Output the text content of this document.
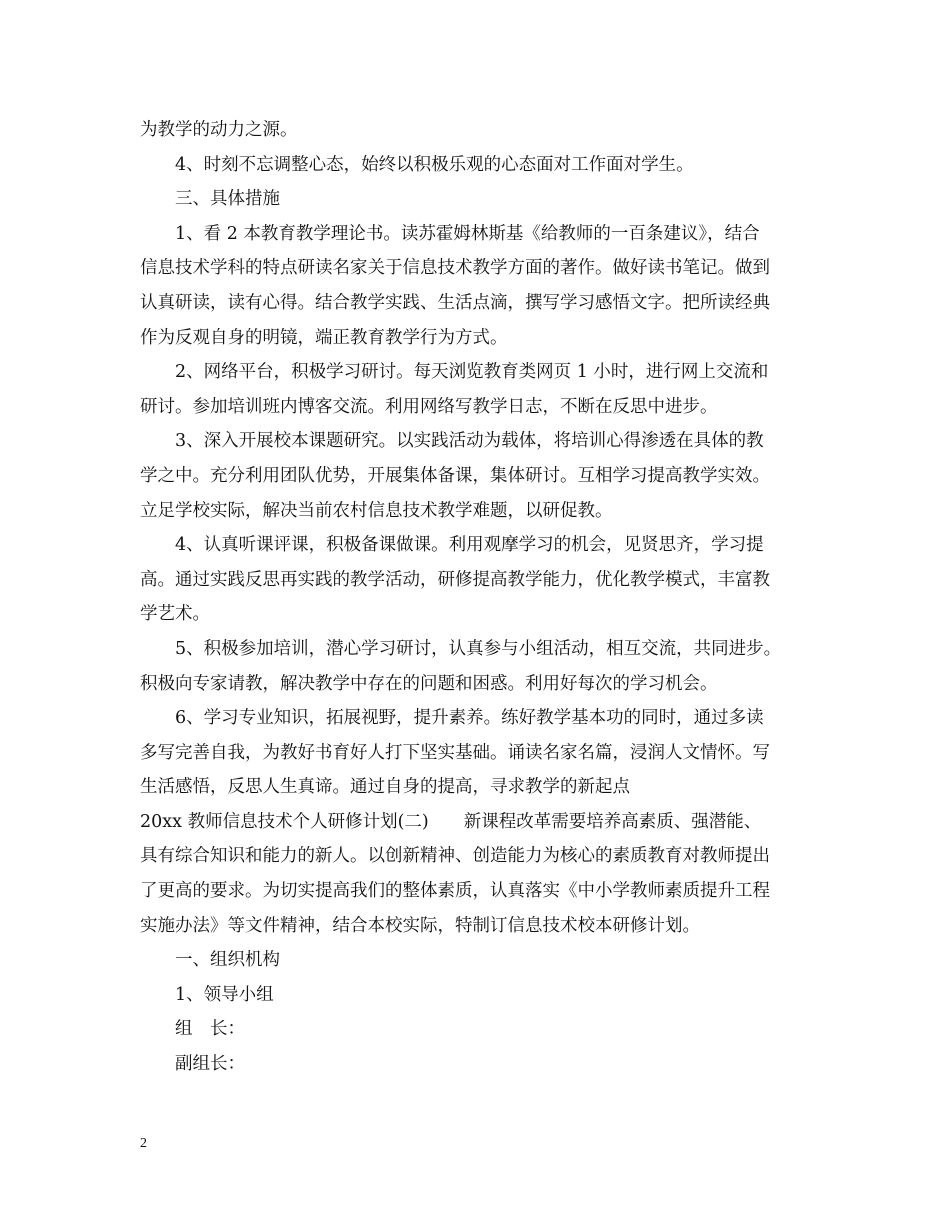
为教学的动力之源。
4、时刻不忘调整心态，始终以积极乐观的心态面对工作面对学生。
三、具体措施
1、看 2 本教育教学理论书。读苏霍姆林斯基《给教师的一百条建议》，结合
信息技术学科的特点研读名家关于信息技术教学方面的著作。做好读书笔记。做到
认真研读，读有心得。结合教学实践、生活点滴，撰写学习感悟文字。把所读经典
作为反观自身的明镜，端正教育教学行为方式。
2、网络平台，积极学习研讨。每天浏览教育类网页 1 小时，进行网上交流和
研讨。参加培训班内博客交流。利用网络写教学日志，不断在反思中进步。
3、深入开展校本课题研究。以实践活动为载体，将培训心得渗透在具体的教
学之中。充分利用团队优势，开展集体备课，集体研讨。互相学习提高教学实效。
立足学校实际，解决当前农村信息技术教学难题，以研促教。
4、认真听课评课，积极备课做课。利用观摩学习的机会，见贤思齐，学习提
高。通过实践反思再实践的教学活动，研修提高教学能力，优化教学模式，丰富教
学艺术。
5、积极参加培训，潜心学习研讨，认真参与小组活动，相互交流，共同进步。
积极向专家请教，解决教学中存在的问题和困惑。利用好每次的学习机会。
6、学习专业知识，拓展视野，提升素养。练好教学基本功的同时，通过多读
多写完善自我，为教好书育好人打下坚实基础。诵读名家名篇，浸润人文情怀。写
生活感悟，反思人生真谛。通过自身的提高，寻求教学的新起点
20xx 教师信息技术个人研修计划(二)　　新课程改革需要培养高素质、强潜能、
具有综合知识和能力的新人。以创新精神、创造能力为核心的素质教育对教师提出
了更高的要求。为切实提高我们的整体素质，认真落实《中小学教师素质提升工程
实施办法》等文件精神，结合本校实际，特制订信息技术校本研修计划。
一、组织机构
1、领导小组
组　长：
副组长：
2
